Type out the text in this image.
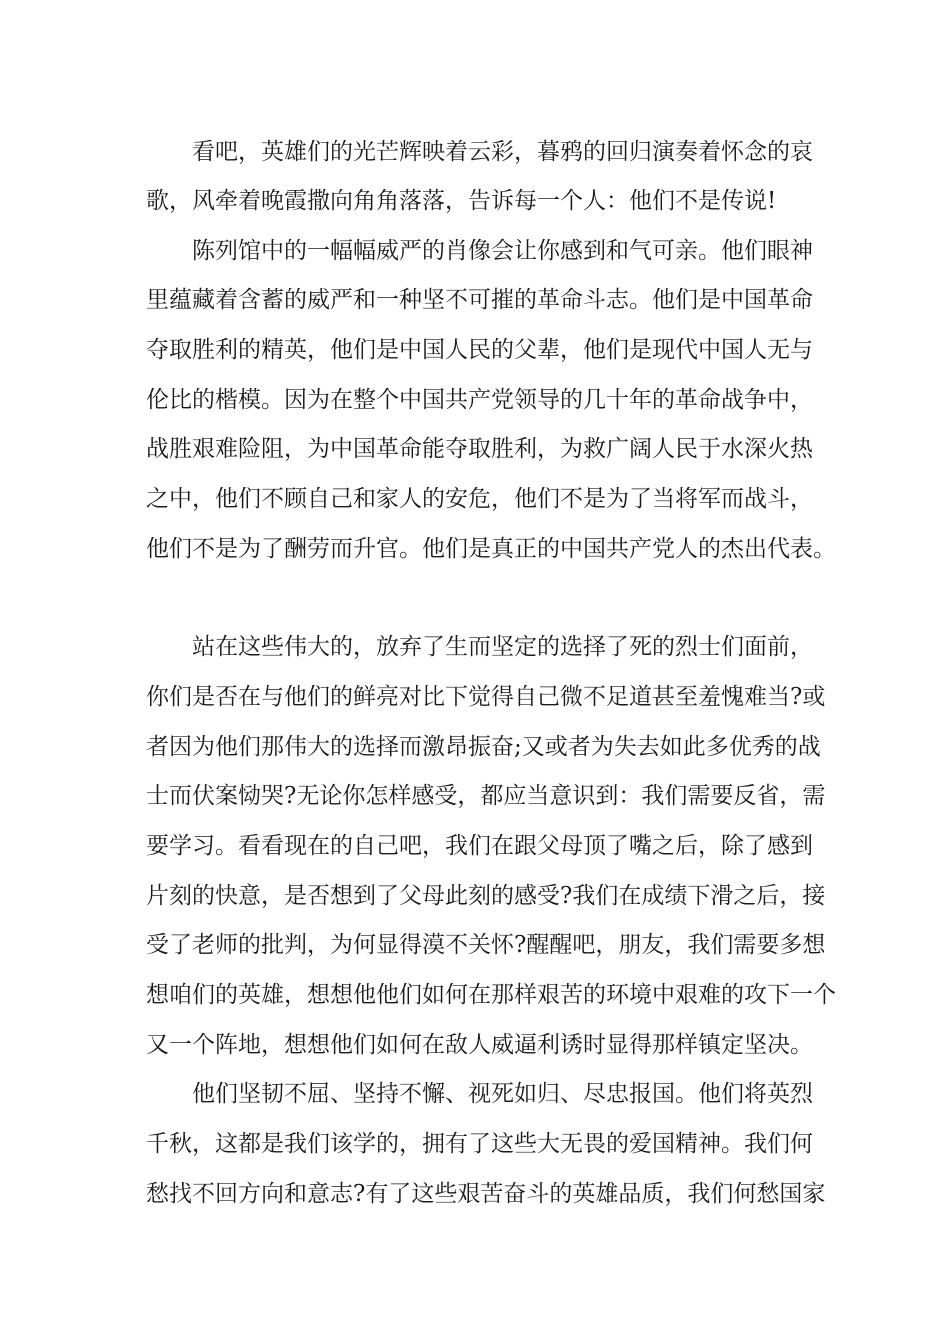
看吧，英雄们的光芒辉映着云彩，暮鸦的回归演奏着怀念的哀
歌，风牵着晚霞撒向角角落落，告诉每一个人：他们不是传说!
陈列馆中的一幅幅威严的肖像会让你感到和气可亲。他们眼神
里蕴藏着含蓄的威严和一种坚不可摧的革命斗志。他们是中国革命
夺取胜利的精英，他们是中国人民的父辈，他们是现代中国人无与
伦比的楷模。因为在整个中国共产党领导的几十年的革命战争中，
战胜艰难险阻，为中国革命能夺取胜利，为救广阔人民于水深火热
之中，他们不顾自己和家人的安危，他们不是为了当将军而战斗，
他们不是为了酬劳而升官。他们是真正的中国共产党人的杰出代表。
站在这些伟大的，放弃了生而坚定的选择了死的烈士们面前，
你们是否在与他们的鲜亮对比下觉得自己微不足道甚至羞愧难当?或
者因为他们那伟大的选择而激昂振奋;又或者为失去如此多优秀的战
士而伏案恸哭?无论你怎样感受，都应当意识到：我们需要反省，需
要学习。看看现在的自己吧，我们在跟父母顶了嘴之后，除了感到
片刻的快意，是否想到了父母此刻的感受?我们在成绩下滑之后，接
受了老师的批判，为何显得漠不关怀?醒醒吧，朋友，我们需要多想
想咱们的英雄，想想他他们如何在那样艰苦的环境中艰难的攻下一个
又一个阵地，想想他们如何在敌人威逼利诱时显得那样镇定坚决。
他们坚韧不屈、坚持不懈、视死如归、尽忠报国。他们将英烈
千秋，这都是我们该学的，拥有了这些大无畏的爱国精神。我们何
愁找不回方向和意志?有了这些艰苦奋斗的英雄品质，我们何愁国家
